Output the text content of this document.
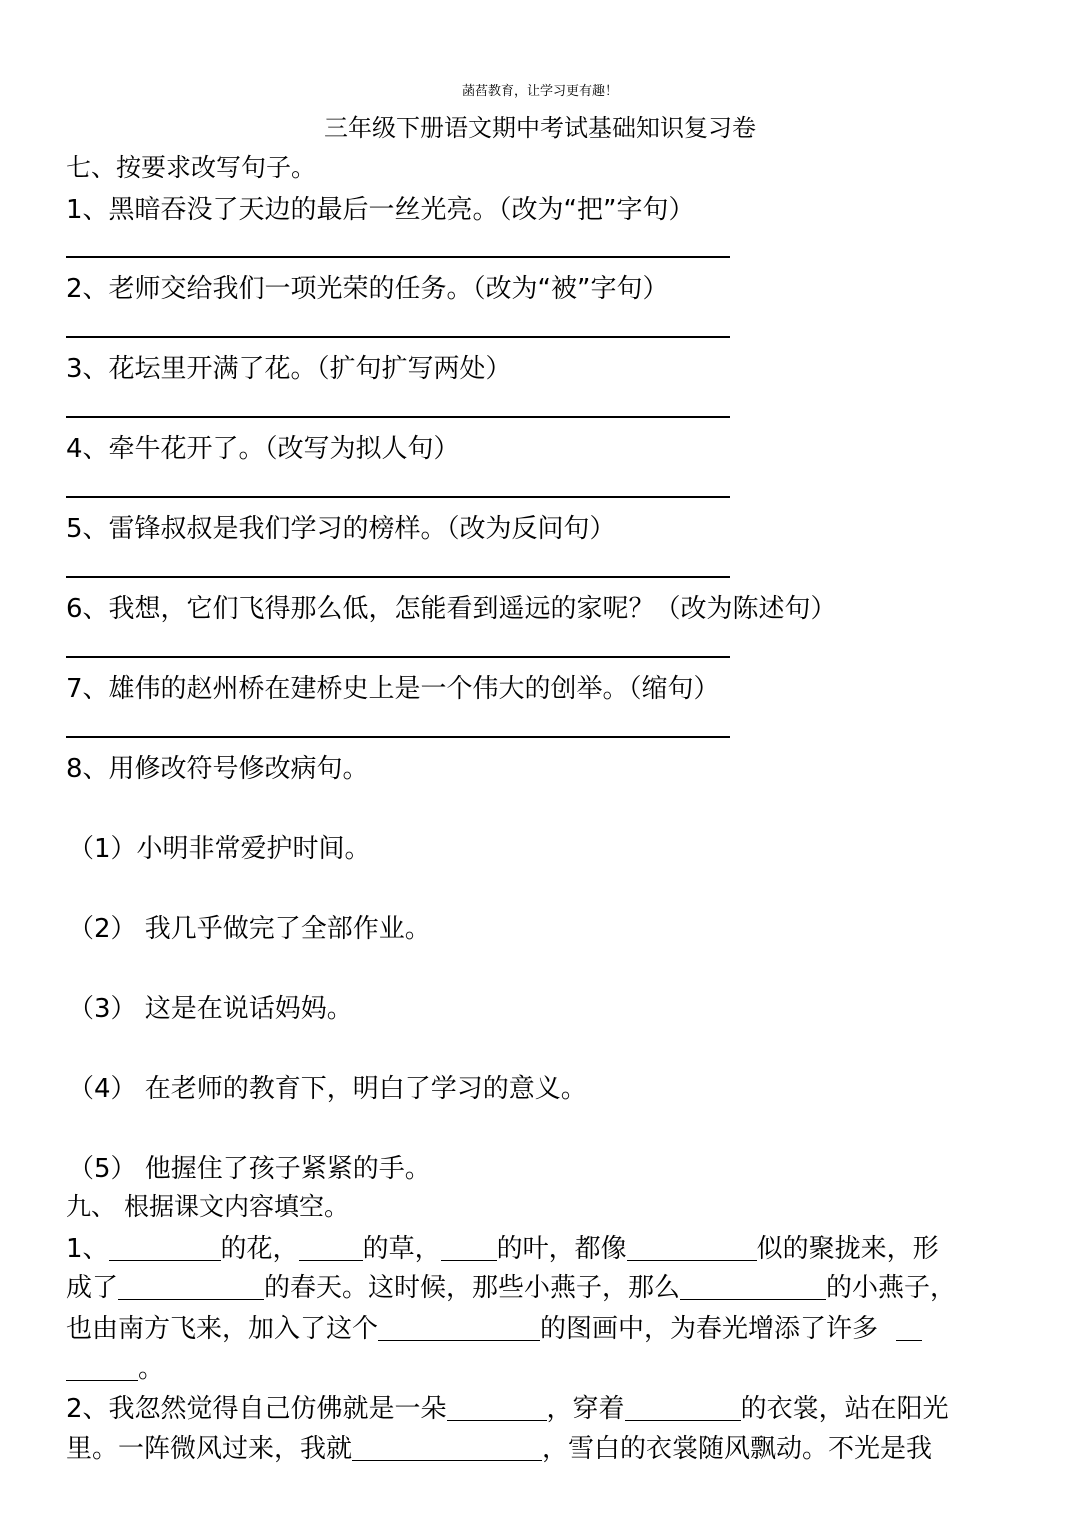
菡萏教育，让学习更有趣！
三年级下册语文期中考试基础知识复习卷
七、按要求改写句子。
1、黑暗吞没了天边的最后一丝光亮。（改为“把”字句）
2、老师交给我们一项光荣的任务。（改为“被”字句）
3、花坛里开满了花。（扩句扩写两处）
4、牵牛花开了。（改写为拟人句）
5、雷锋叔叔是我们学习的榜样。（改为反问句）
6、我想，它们飞得那么低，怎能看到遥远的家呢？（改为陈述句）
7、雄伟的赵州桥在建桥史上是一个伟大的创举。（缩句）
8、用修改符号修改病句。
（1）小明非常爱护时间。
（2） 我几乎做完了全部作业。
（3） 这是在说话妈妈。
（4） 在老师的教育下，明白了学习的意义。
（5） 他握住了孩子紧紧的手。
九、 根据课文内容填空。
1、	的花， 的草， 的叶，都像	似的聚拢来，形
成了	的春天。这时候，那些小燕子，那么	的小燕子，
也由南方飞来，加入了这个	的图画中，为春光增添了许多
。
2、我忽然觉得自己仿佛就是一朵	，穿着	的衣裳，站在阳光
里。一阵微风过来，我就	，雪白的衣裳随风飘动。不光是我
